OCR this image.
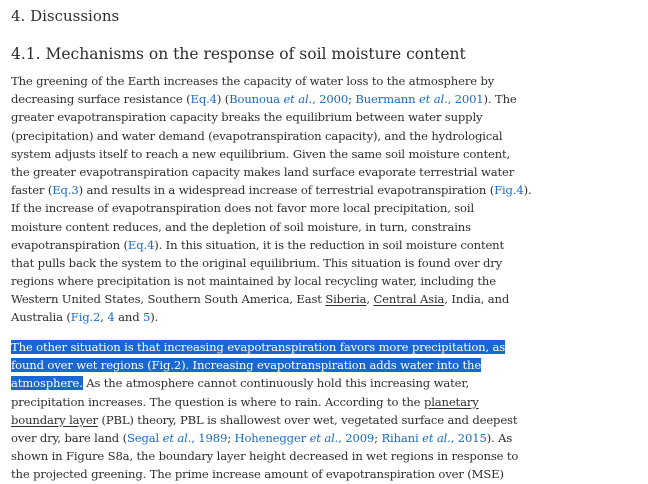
4. Discussions
4.1. Mechanisms on the response of soil moisture content
The greening of the Earth increases the capacity of water loss to the atmosphere by
decreasing surface resistance (Eq.4) (Bounoua et al., 2000; Buermann et al., 2001). The
greater evapotranspiration capacity breaks the equilibrium between water supply
(precipitation) and water demand (evapotranspiration capacity), and the hydrological
system adjusts itself to reach a new equilibrium. Given the same soil moisture content,
the greater evapotranspiration capacity makes land surface evaporate terrestrial water
faster (Eq.3) and results in a widespread increase of terrestrial evapotranspiration (Fig.4).
If the increase of evapotranspiration does not favor more local precipitation, soil
moisture content reduces, and the depletion of soil moisture, in turn, constrains
evapotranspiration (Eq.4). In this situation, it is the reduction in soil moisture content
that pulls back the system to the original equilibrium. This situation is found over dry
regions where precipitation is not maintained by local recycling water, including the
Western United States, Southern South America, East Siberia, Central Asia, India, and
Australia (Fig.2, 4 and 5).
The other situation is that increasing evapotranspiration favors more precipitation, as
found over wet regions (Fig.2). Increasing evapotranspiration adds water into the
atmosphere. As the atmosphere cannot continuously hold this increasing water,
precipitation increases. The question is where to rain. According to the planetary
boundary layer (PBL) theory, PBL is shallowest over wet, vegetated surface and deepest
over dry, bare land (Segal et al., 1989; Hohenegger et al., 2009; Rihani et al., 2015). As
shown in Figure S8a, the boundary layer height decreased in wet regions in response to
the projected greening. The prime increase amount of evapotranspiration over (MSE)
